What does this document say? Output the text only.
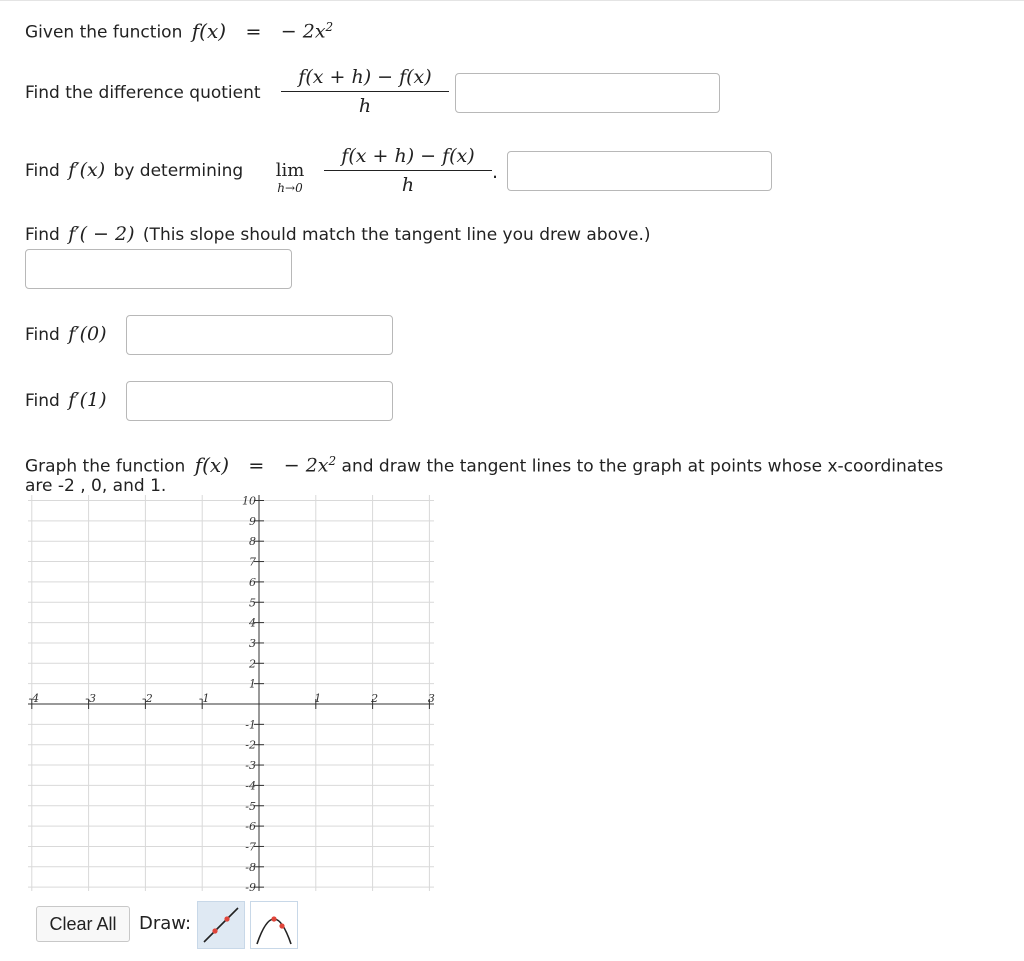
Given the function f(x) = − $2x^2$
Find the difference quotient
f(x + h) − f(x)
h
Find f′(x) by determining lim
h→0
f(x + h) − f(x)
h
.
Find f′( − 2) (This slope should match the tangent line you drew above.)
Find f′(0)
Find f′(1)
Graph the function f(x) = − $2x^2$ and draw the tangent lines to the graph at points whose x-coordinates
are -2 , 0, and 1.
-4	-3	-2	-1	1	2	3
10
9
8
7
6
5
4
3
2
1
-1
-2
-3
-4
-5
-6
-7
-8
-9
Clear All	Draw:
